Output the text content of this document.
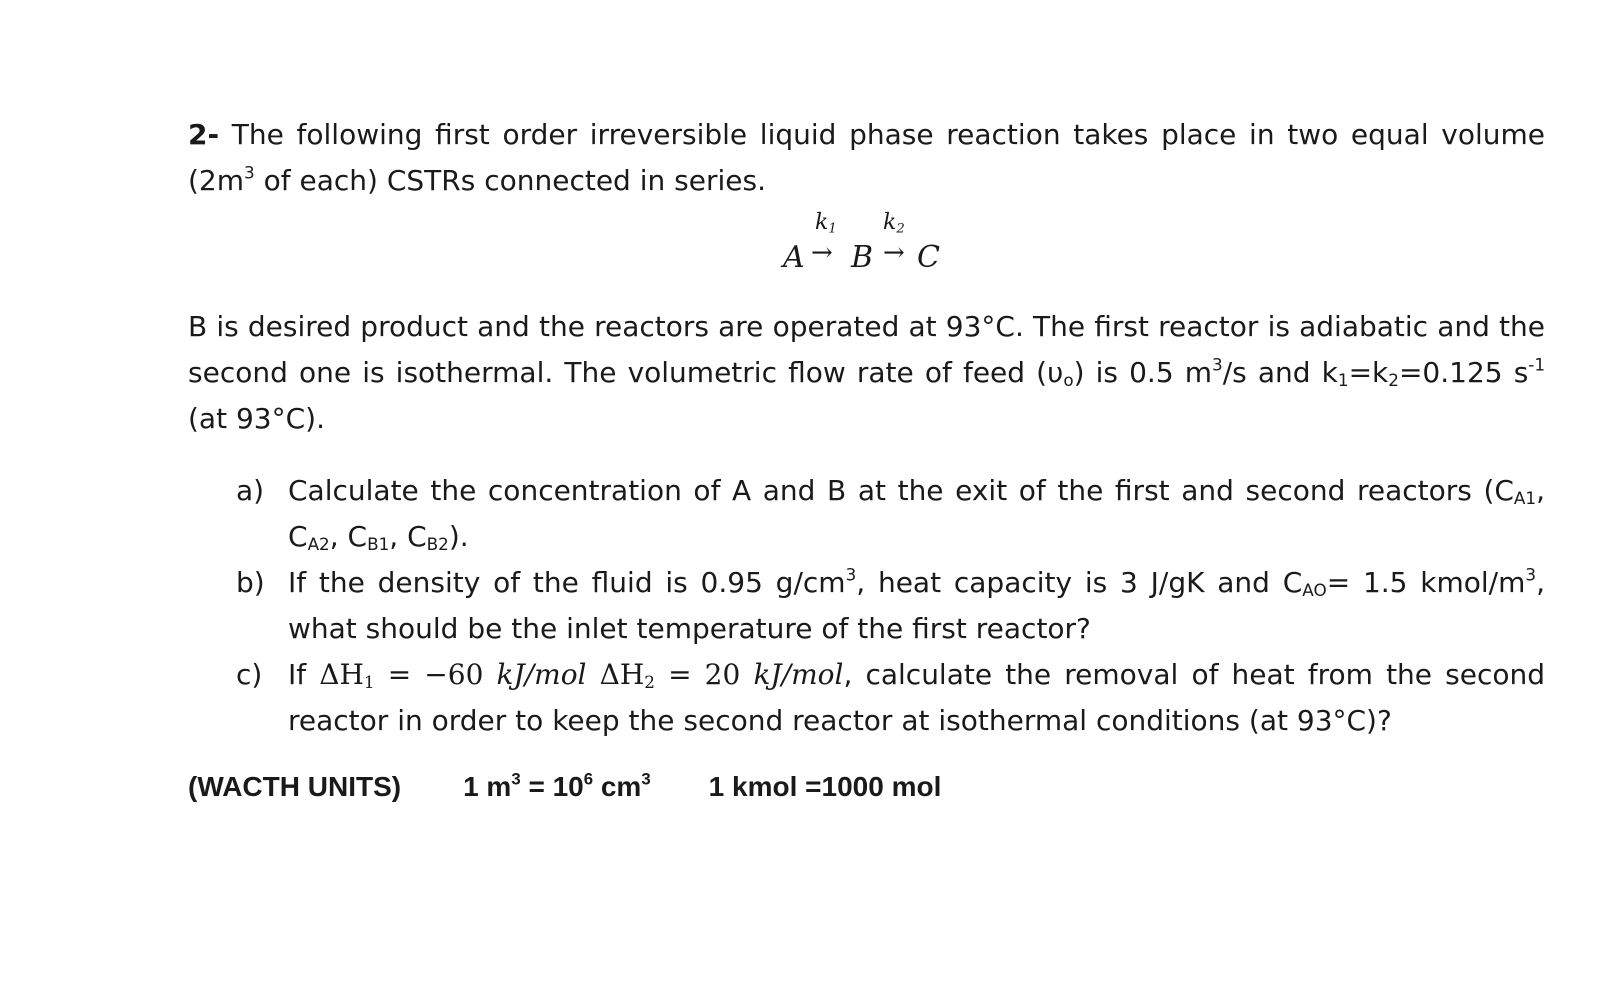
2- The following first order irreversible liquid phase reaction takes place in two equal volume ($2m^3$ of each) CSTRs connected in series.

A →
$k_1$
B →
$k_2$
C

B is desired product and the reactors are operated at 93°C. The first reactor is adiabatic and the second one is isothermal. The volumetric flow rate of feed $(\upsilon_o)$ is 0.5 $m^3/s$ and $k_1=k_2=0.125$ $s^{-1}$ (at 93°C).

a) Calculate the concentration of A and B at the exit of the first and second reactors ($C_{A1}$, $C_{A2}$, $C_{B1}$, $C_{B2}$).
b) If the density of the fluid is 0.95 $g/cm^3$, heat capacity is 3 J/gK and $C_{AO}= 1.5$ kmol/$m^3$, what should be the inlet temperature of the first reactor?
c) If $\Delta H_1 = -60$ kJ/mol $\Delta H_2 = 20$ kJ/mol, calculate the removal of heat from the second reactor in order to keep the second reactor at isothermal conditions (at 93°C)?
(WACTH UNITS) 1 $m^3 = 10^6$ $cm^3$ 1 kmol =1000 mol
